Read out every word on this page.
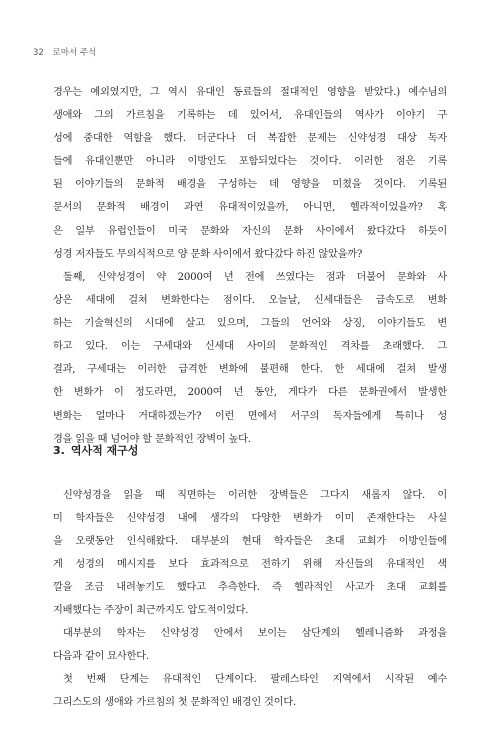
32 로마서 주석
경우는 예외였지만, 그 역시 유대인 동료들의 절대적인 영향을 받았다.) 예수님의
생애와 그의 가르침을 기록하는 데 있어서, 유대인들의 역사가 이야기 구
성에 중대한 역할을 했다. 더군다나 더 복잡한 문제는 신약성경 대상 독자
들에 유대인뿐만 아니라 이방인도 포함되었다는 것이다. 이러한 점은 기록
된 이야기들의 문화적 배경을 구성하는 데 영향을 미쳤을 것이다. 기록된
문서의 문화적 배경이 과연 유대적이었을까, 아니면, 헬라적이었을까? 혹
은 일부 유럽인들이 미국 문화와 자신의 문화 사이에서 왔다갔다 하듯이
성경 저자들도 무의식적으로 양 문화 사이에서 왔다갔다 하진 않았을까?
둘째, 신약성경이 약 2000여 년 전에 쓰였다는 점과 더불어 문화와 사
상은 세대에 걸쳐 변화한다는 점이다. 오늘날, 신세대들은 급속도로 변화
하는 기술혁신의 시대에 살고 있으며, 그들의 언어와 상징, 이야기들도 변
하고 있다. 이는 구세대와 신세대 사이의 문화적인 격차를 초래했다. 그
결과, 구세대는 이러한 급격한 변화에 불편해 한다. 한 세대에 걸쳐 발생
한 변화가 이 정도라면, 2000여 년 동안, 게다가 다른 문화권에서 발생한
변화는 얼마나 거대하겠는가? 이런 면에서 서구의 독자들에게 특히나 성
경을 읽을 때 넘어야 할 문화적인 장벽이 높다.
3. 역사적 재구성
신약성경을 읽을 때 직면하는 이러한 장벽들은 그다지 새롭지 않다. 이
미 학자들은 신약성경 내에 생각의 다양한 변화가 이미 존재한다는 사실
을 오랫동안 인식해왔다. 대부분의 현대 학자들은 초대 교회가 이방인들에
게 성경의 메시지를 보다 효과적으로 전하기 위해 자신들의 유대적인 색
깔을 조금 내려놓기도 했다고 추측한다. 즉 헬라적인 사고가 초대 교회를
지배했다는 주장이 최근까지도 압도적이었다.
대부분의 학자는 신약성경 안에서 보이는 삼단계의 헬레니즘화 과정을
다음과 같이 묘사한다.
첫 번째 단계는 유대적인 단계이다. 팔레스타인 지역에서 시작된 예수
그리스도의 생애와 가르침의 첫 문화적인 배경인 것이다.
